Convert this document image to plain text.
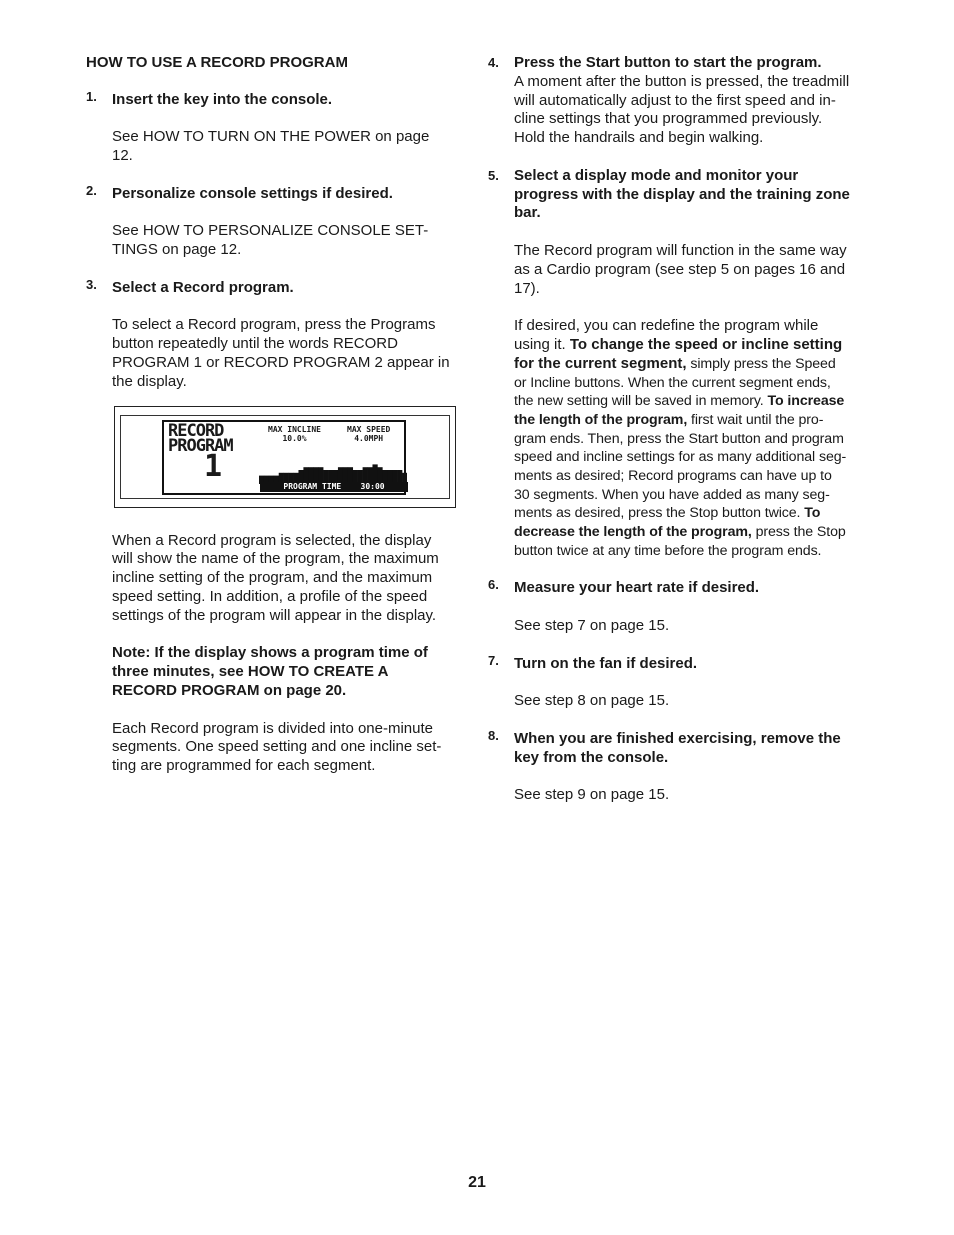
HOW TO USE A RECORD PROGRAM
1. Insert the key into the console.

See HOW TO TURN ON THE POWER on page

12.

2. Personalize console settings if desired.

See HOW TO PERSONALIZE CONSOLE SET-

TINGS on page 12.

3. Select a Record program.

To select a Record program, press the Programs

button repeatedly until the words RECORD

PROGRAM 1 or RECORD PROGRAM 2 appear in

the display.

RECORD
PROGRAM
1
MAX INCLINE
10.0%
MAX SPEED
4.0MPH
PROGRAM TIME 30:00

When a Record program is selected, the display

will show the name of the program, the maximum

incline setting of the program, and the maximum

speed setting. In addition, a profile of the speed

settings of the program will appear in the display.

Note: If the display shows a program time of

three minutes, see HOW TO CREATE A

RECORD PROGRAM on page 20.

Each Record program is divided into one-minute

segments. One speed setting and one incline set-

ting are programmed for each segment.

4. Press the Start button to start the program.

A moment after the button is pressed, the treadmill

will automatically adjust to the first speed and in-

cline settings that you programmed previously.

Hold the handrails and begin walking.

5. Select a display mode and monitor your

progress with the display and the training zone

bar.

The Record program will function in the same way

as a Cardio program (see step 5 on pages 16 and

17).

If desired, you can redefine the program while

using it. To change the speed or incline setting

for the current segment, simply press the Speed

or Incline buttons. When the current segment ends,

the new setting will be saved in memory. To increase

the length of the program, first wait until the pro-

gram ends. Then, press the Start button and program

speed and incline settings for as many additional seg-

ments as desired; Record programs can have up to

30 segments. When you have added as many seg-

ments as desired, press the Stop button twice. To

decrease the length of the program, press the Stop

button twice at any time before the program ends.

6. Measure your heart rate if desired.

See step 7 on page 15.

7. Turn on the fan if desired.

See step 8 on page 15.

8. When you are finished exercising, remove the

key from the console.

See step 9 on page 15.

21
